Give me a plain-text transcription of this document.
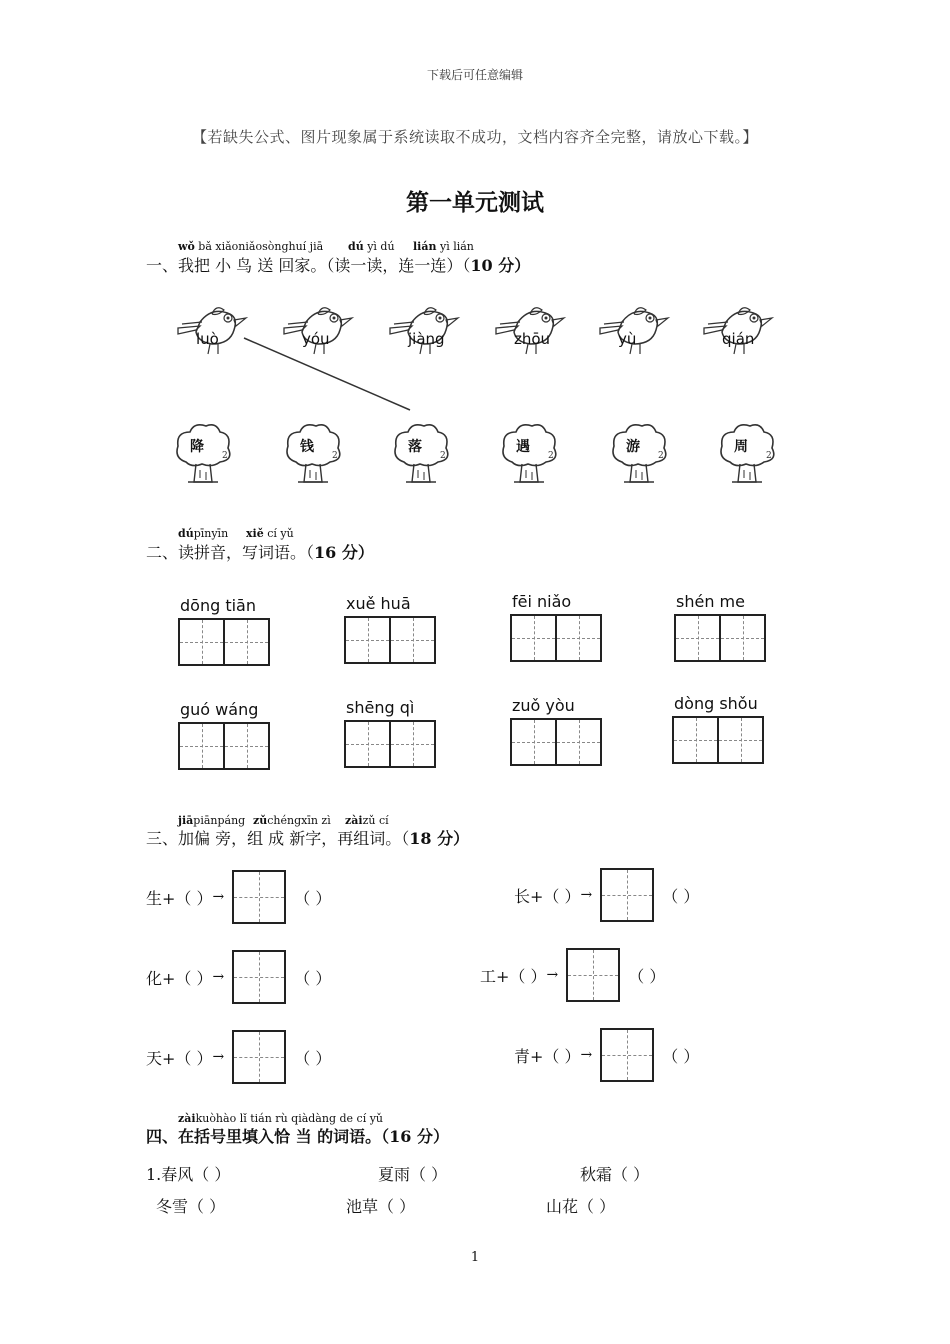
下载后可任意编辑
【若缺失公式、图片现象属于系统读取不成功，文档内容齐全完整，请放心下载。】
第一单元测试
wǒ bǎ xiǎoniǎosònghuí jiā dú yì dú lián yì lián
一、我把 小 鸟 送 回家。（读一读，连一连）（10 分）
luò	yóu	jiàng	zhōu	yù	qián
2
降
2
钱
2
落
2
遇
2
游
2
周
dúpīnyīn xiě cí yǔ
二、读拼音，写词语。（16 分）
dōng tiān	xuě huā	fēi niǎo	shén me
guó wáng	shēng qì	zuǒ yòu	dòng shǒu
jiāpiānpáng zǔchéngxīn zì zàizǔ cí
三、加偏 旁，组 成 新字，再组词。（18 分）
生+ （ ） →	（ ）	长+ （ ） →	（ ）
化+ （ ） →	（ ）	工+ （ ） →	（ ）
天+ （ ） →	（ ）	青+ （ ） →	（ ）
zàikuòhào lǐ tián rù qiàdàng de cí yǔ
四、在括号里填入恰 当 的词语。（16 分）
1.春风（ ）	夏雨（ ）	秋霜（ ）
冬雪（ ）	池草（ ）	山花（ ）
1
